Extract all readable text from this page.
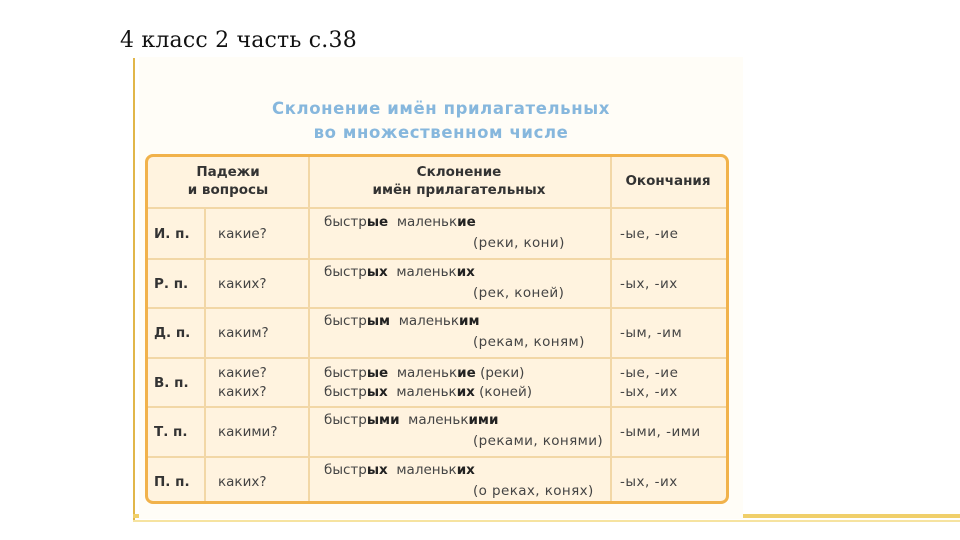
4 класс 2 часть с.38
Склонение имён прилагательных
во множественном числе
Падежи
и вопросы
Склонение
имён прилагательных
Окончания
И. п. какие?
быстрые маленькие
(реки, кони)
-ые, -ие
Р. п. каких?
быстрых маленьких
(рек, коней)
-ых, -их
Д. п. каким?
быстрым маленьким
(рекам, коням)
-ым, -им
В. п.
какие?
каких?
быстрые маленькие (реки)
быстрых маленьких (коней)
-ые, -ие
-ых, -их
Т. п. какими?
быстрыми маленькими
(реками, конями)
-ыми, -ими
П. п. каких?
быстрых маленьких
(о реках, конях)
-ых, -их
